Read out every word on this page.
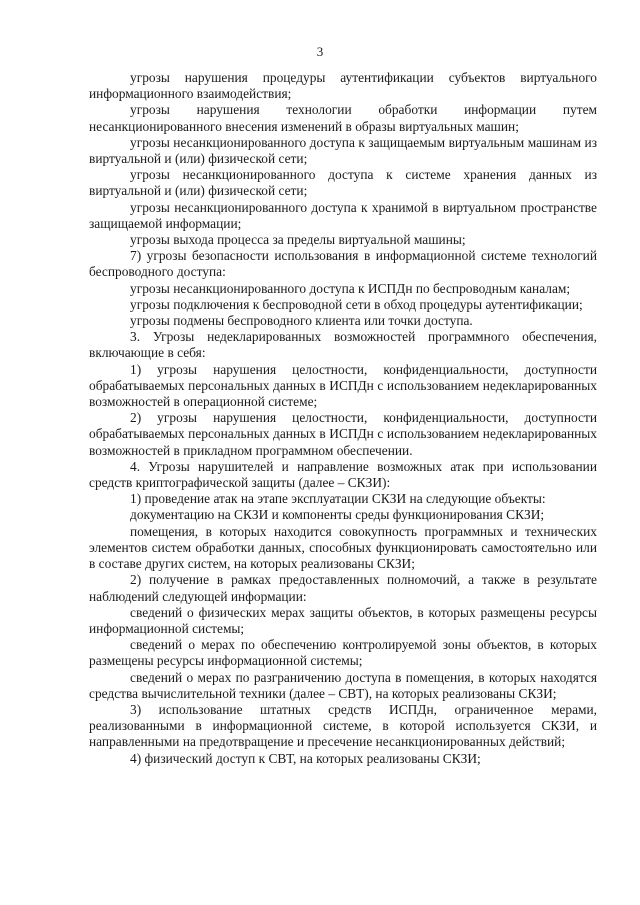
3

угрозы нарушения процедуры аутентификации субъектов виртуального информационного взаимодействия;

угрозы нарушения технологии обработки информации путем несанкционированного внесения изменений в образы виртуальных машин;

угрозы несанкционированного доступа к защищаемым виртуальным машинам из виртуальной и (или) физической сети;

угрозы несанкционированного доступа к системе хранения данных из виртуальной и (или) физической сети;

угрозы несанкционированного доступа к хранимой в виртуальном пространстве защищаемой информации;

угрозы выхода процесса за пределы виртуальной машины;

7) угрозы безопасности использования в информационной системе технологий беспроводного доступа:

угрозы несанкционированного доступа к ИСПДн по беспроводным каналам;

угрозы подключения к беспроводной сети в обход процедуры аутентификации;

угрозы подмены беспроводного клиента или точки доступа.

3. Угрозы недекларированных возможностей программного обеспечения, включающие в себя:

1) угрозы нарушения целостности, конфиденциальности, доступности обрабатываемых персональных данных в ИСПДн с использованием недекларированных возможностей в операционной системе;

2) угрозы нарушения целостности, конфиденциальности, доступности обрабатываемых персональных данных в ИСПДн с использованием недекларированных возможностей в прикладном программном обеспечении.

4. Угрозы нарушителей и направление возможных атак при использовании средств криптографической защиты (далее – СКЗИ):

1) проведение атак на этапе эксплуатации СКЗИ на следующие объекты:

документацию на СКЗИ и компоненты среды функционирования СКЗИ;

помещения, в которых находится совокупность программных и технических элементов систем обработки данных, способных функционировать самостоятельно или в составе других систем, на которых реализованы СКЗИ;

2) получение в рамках предоставленных полномочий, а также в результате наблюдений следующей информации:

сведений о физических мерах защиты объектов, в которых размещены ресурсы информационной системы;

сведений о мерах по обеспечению контролируемой зоны объектов, в которых размещены ресурсы информационной системы;

сведений о мерах по разграничению доступа в помещения, в которых находятся средства вычислительной техники (далее – СВТ), на которых реализованы СКЗИ;

3) использование штатных средств ИСПДн, ограниченное мерами, реализованными в информационной системе, в которой используется СКЗИ, и направленными на предотвращение и пресечение несанкционированных действий;

4) физический доступ к СВТ, на которых реализованы СКЗИ;
